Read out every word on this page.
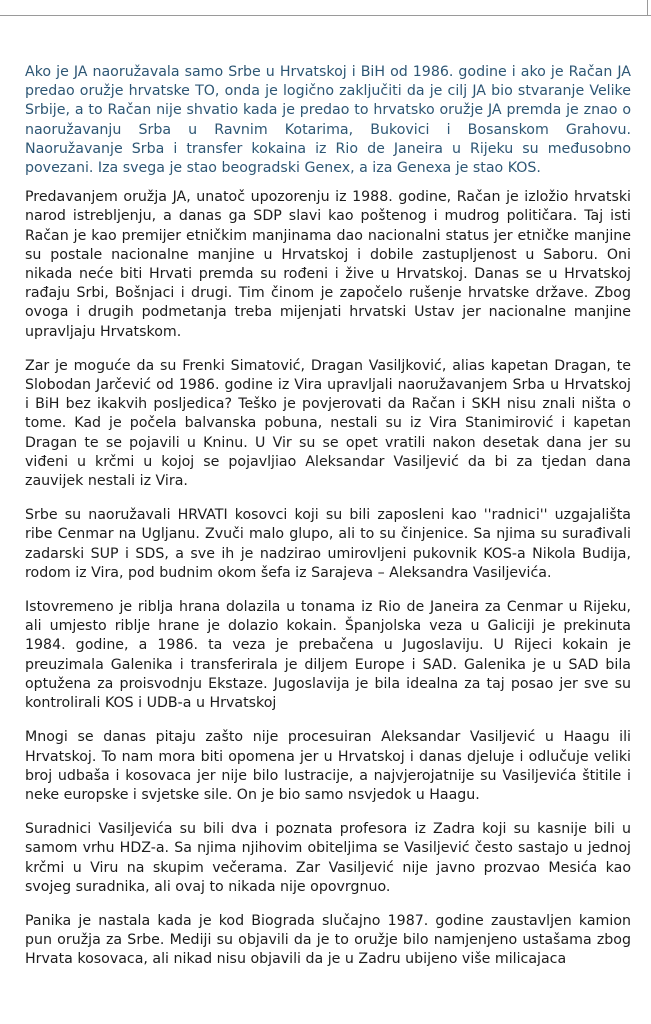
Ako je JA naoružavala samo Srbe u Hrvatskoj i BiH od 1986. godine i ako je Račan JA predao oružje hrvatske TO, onda je logično zaključiti da je cilj JA bio stvaranje Velike Srbije, a to Račan nije shvatio kada je predao to hrvatsko oružje JA premda je znao o naoružavanju Srba u Ravnim Kotarima, Bukovici i Bosanskom Grahovu. Naoružavanje Srba i transfer kokaina iz Rio de Janeira u Rijeku su međusobno povezani. Iza svega je stao beogradski Genex, a iza Genexa je stao KOS.

Predavanjem oružja JA, unatoč upozorenju iz 1988. godine, Račan je izložio hrvatski narod istrebljenju, a danas ga SDP slavi kao poštenog i mudrog političara. Taj isti Račan je kao premijer etničkim manjinama dao nacionalni status jer etničke manjine su postale nacionalne manjine u Hrvatskoj i dobile zastupljenost u Saboru. Oni nikada neće biti Hrvati premda su rođeni i žive u Hrvatskoj. Danas se u Hrvatskoj rađaju Srbi, Bošnjaci i drugi. Tim činom je započelo rušenje hrvatske države. Zbog ovoga i drugih podmetanja treba mijenjati hrvatski Ustav jer nacionalne manjine upravljaju Hrvatskom.

Zar je moguće da su Frenki Simatović, Dragan Vasiljković, alias kapetan Dragan, te Slobodan Jarčević od 1986. godine iz Vira upravljali naoružavanjem Srba u Hrvatskoj i BiH bez ikakvih posljedica? Teško je povjerovati da Račan i SKH nisu znali ništa o tome. Kad je počela balvanska pobuna, nestali su iz Vira Stanimirović i kapetan Dragan te se pojavili u Kninu. U Vir su se opet vratili nakon desetak dana jer su viđeni u krčmi u kojoj se pojavljiao Aleksandar Vasiljević da bi za tjedan dana zauvijek nestali iz Vira.

Srbe su naoružavali HRVATI kosovci koji su bili zaposleni kao ''radnici'' uzgajališta ribe Cenmar na Ugljanu. Zvuči malo glupo, ali to su činjenice. Sa njima su surađivali zadarski SUP i SDS, a sve ih je nadzirao umirovljeni pukovnik KOS-a Nikola Budija, rodom iz Vira, pod budnim okom šefa iz Sarajeva – Aleksandra Vasiljevića.

Istovremeno je riblja hrana dolazila u tonama iz Rio de Janeira za Cenmar u Rijeku, ali umjesto riblje hrane je dolazio kokain. Španjolska veza u Galiciji je prekinuta 1984. godine, a 1986. ta veza je prebačena u Jugoslaviju. U Rijeci kokain je preuzimala Galenika i transferirala je diljem Europe i SAD. Galenika je u SAD bila optužena za proisvodnju Ekstaze. Jugoslavija je bila idealna za taj posao jer sve su kontrolirali KOS i UDB-a u Hrvatskoj

Mnogi se danas pitaju zašto nije procesuiran Aleksandar Vasiljević u Haagu ili Hrvatskoj. To nam mora biti opomena jer u Hrvatskoj i danas djeluje i odlučuje veliki broj udbaša i kosovaca jer nije bilo lustracije, a najvjerojatnije su Vasiljevića štitile i neke europske i svjetske sile. On je bio samo nsvjedok u Haagu.

Suradnici Vasiljevića su bili dva i poznata profesora iz Zadra koji su kasnije bili u samom vrhu HDZ-a. Sa njima njihovim obiteljima se Vasiljević često sastajo u jednoj krčmi u Viru na skupim večerama. Zar Vasiljević nije javno prozvao Mesića kao svojeg suradnika, ali ovaj to nikada nije opovrgnuo.

Panika je nastala kada je kod Biograda slučajno 1987. godine zaustavljen kamion pun oružja za Srbe. Mediji su objavili da je to oružje bilo namjenjeno ustašama zbog Hrvata kosovaca, ali nikad nisu objavili da je u Zadru ubijeno više milicajaca
